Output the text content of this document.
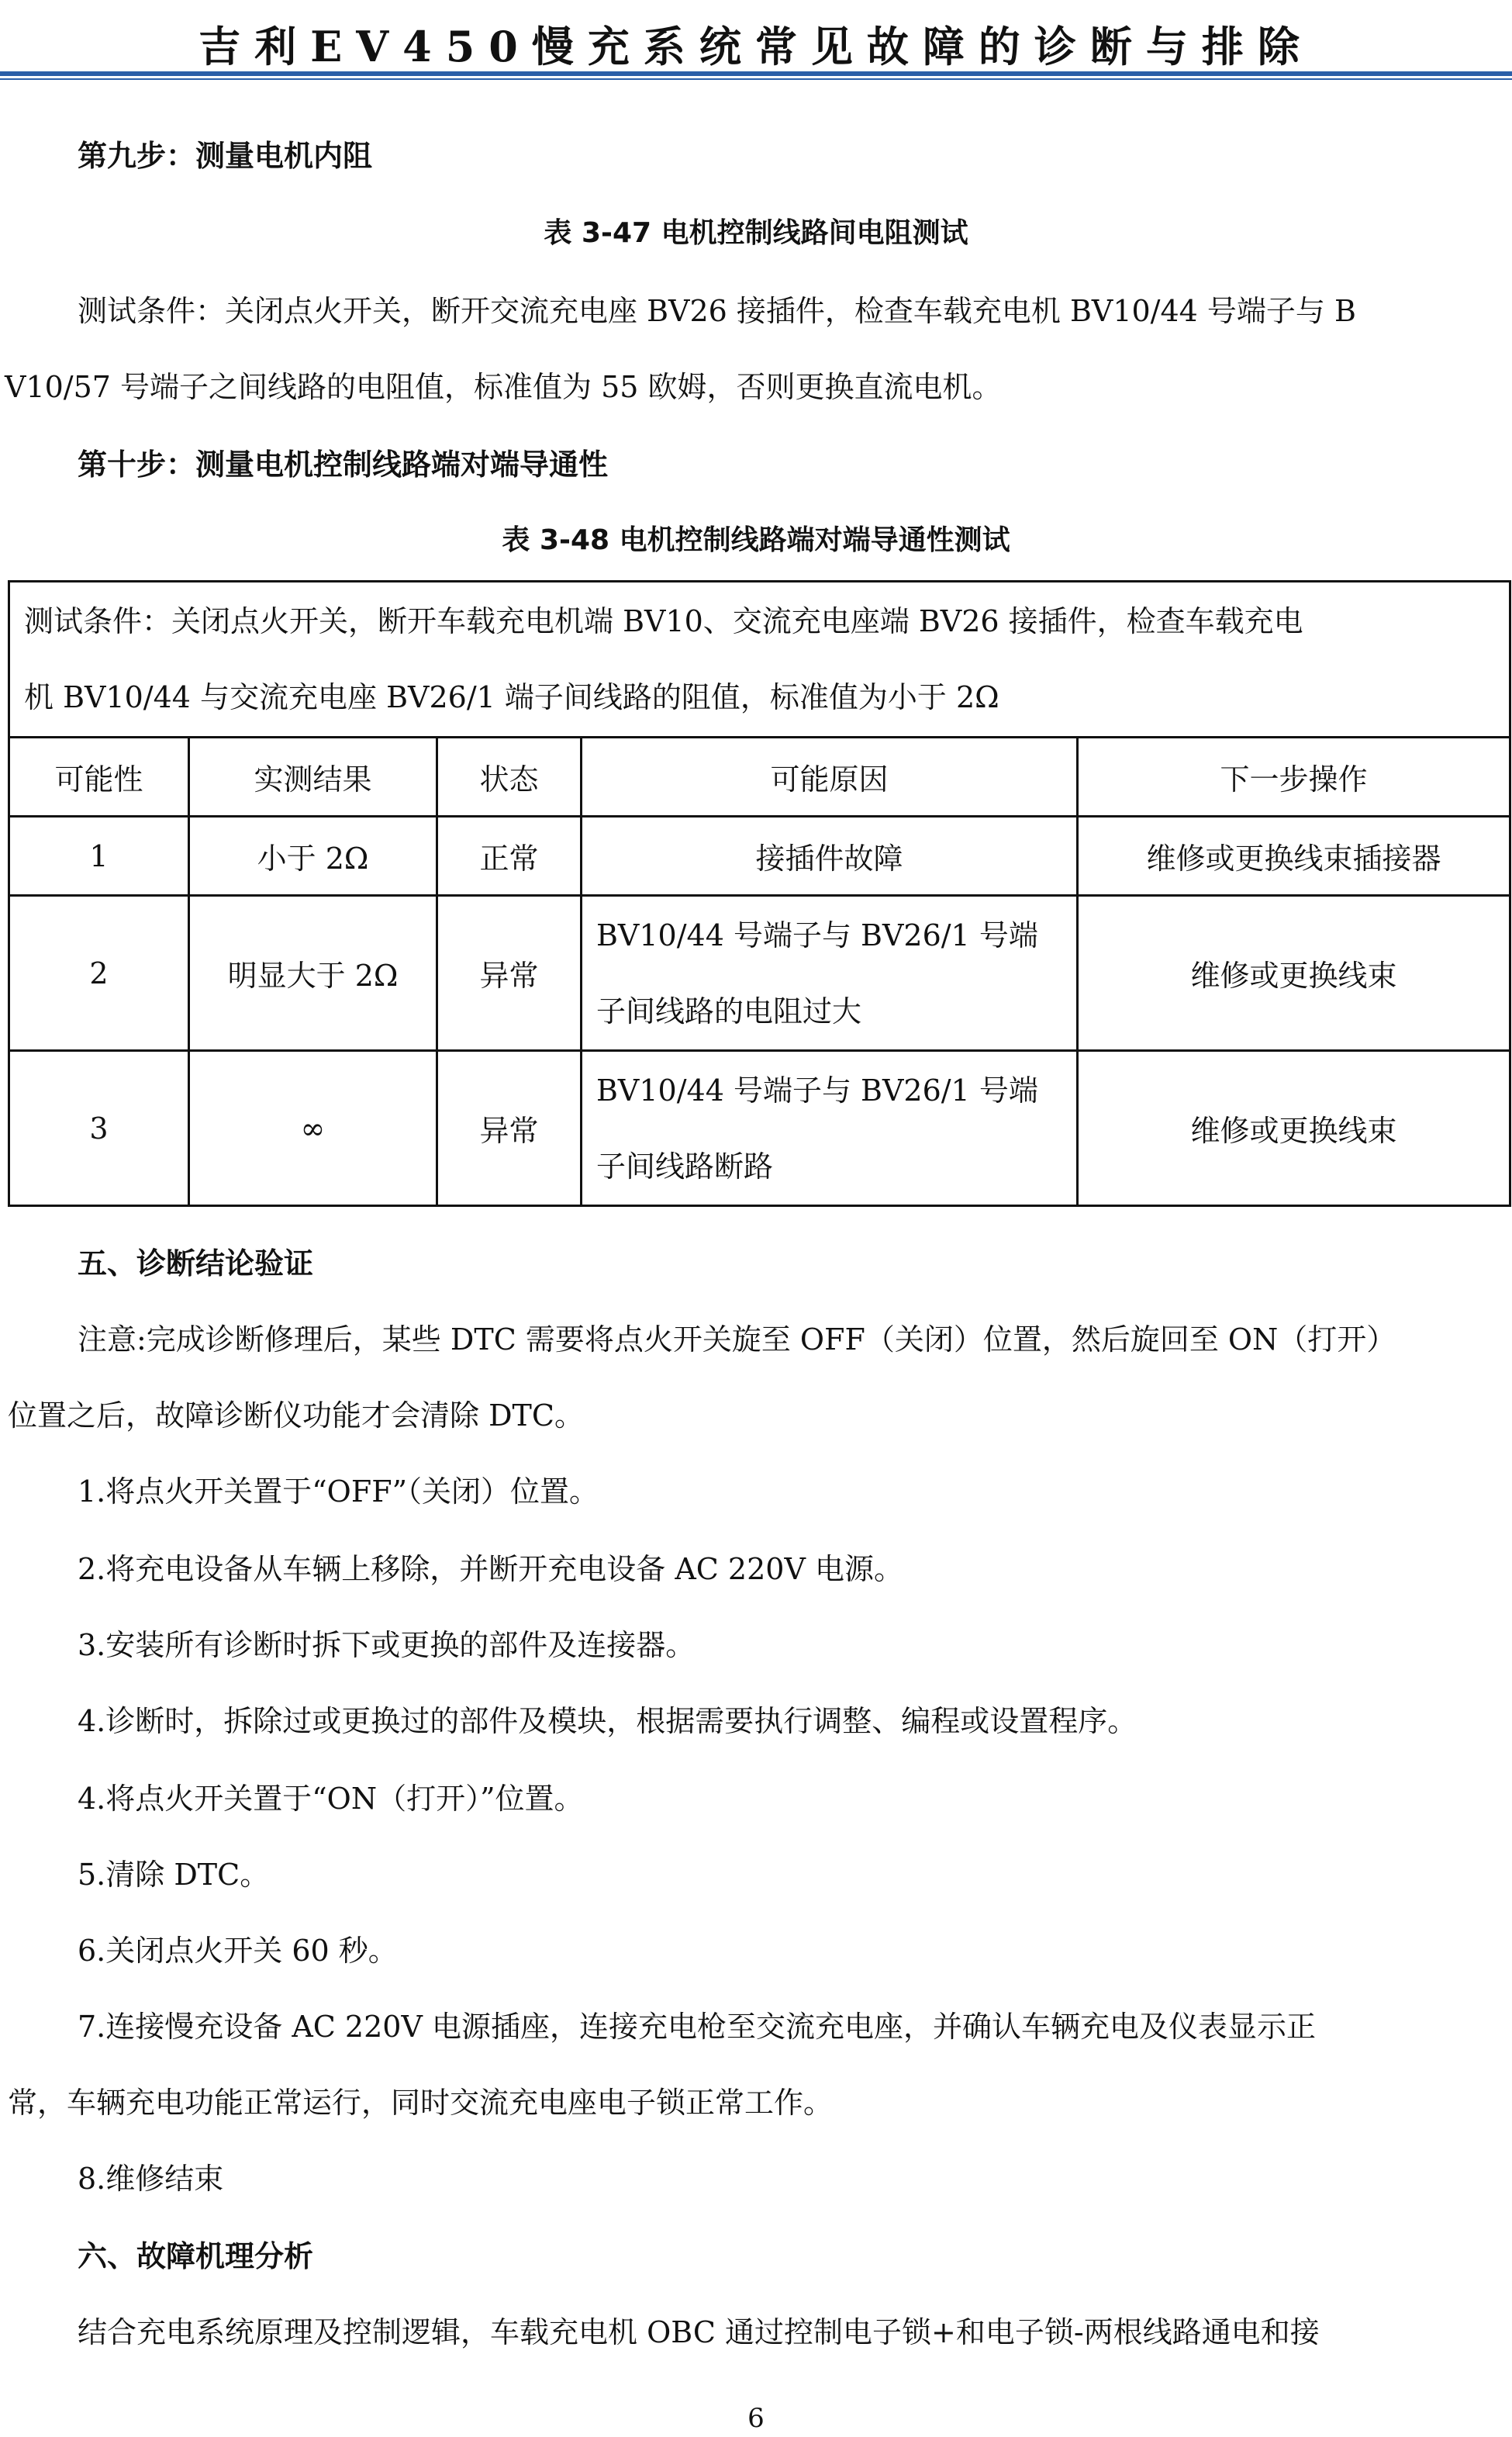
吉利EV450慢充系统常见故障的诊断与排除
第九步：测量电机内阻
表 3-47 电机控制线路间电阻测试
测试条件：关闭点火开关，断开交流充电座 BV26 接插件，检查车载充电机 BV10/44 号端子与 B
V10/57 号端子之间线路的电阻值，标准值为 55 欧姆，否则更换直流电机。
第十步：测量电机控制线路端对端导通性
表 3-48 电机控制线路端对端导通性测试
测试条件：关闭点火开关，断开车载充电机端 BV10、交流充电座端 BV26 接插件，检查车载充电
机 BV10/44 与交流充电座 BV26/1 端子间线路的阻值，标准值为小于 2Ω				

可能性	实测结果	状态	可能原因	下一步操作
1	小于 2Ω	正常	接插件故障	维修或更换线束插接器
2	明显大于 2Ω	异常	BV10/44 号端子与 BV26/1 号端
子间线路的电阻过大	维修或更换线束
3	∞	异常	BV10/44 号端子与 BV26/1 号端
子间线路断路	维修或更换线束
五、诊断结论验证
注意:完成诊断修理后，某些 DTC 需要将点火开关旋至 OFF（关闭）位置，然后旋回至 ON（打开）
位置之后，故障诊断仪功能才会清除 DTC。
1.将点火开关置于“OFF”（关闭）位置。
2.将充电设备从车辆上移除，并断开充电设备 AC 220V 电源。
3.安装所有诊断时拆下或更换的部件及连接器。
4.诊断时，拆除过或更换过的部件及模块，根据需要执行调整、编程或设置程序。
4.将点火开关置于“ON（打开）”位置。
5.清除 DTC。
6.关闭点火开关 60 秒。
7.连接慢充设备 AC 220V 电源插座，连接充电枪至交流充电座，并确认车辆充电及仪表显示正
常，车辆充电功能正常运行，同时交流充电座电子锁正常工作。
8.维修结束
六、故障机理分析
结合充电系统原理及控制逻辑，车载充电机 OBC 通过控制电子锁+和电子锁-两根线路通电和接
6
